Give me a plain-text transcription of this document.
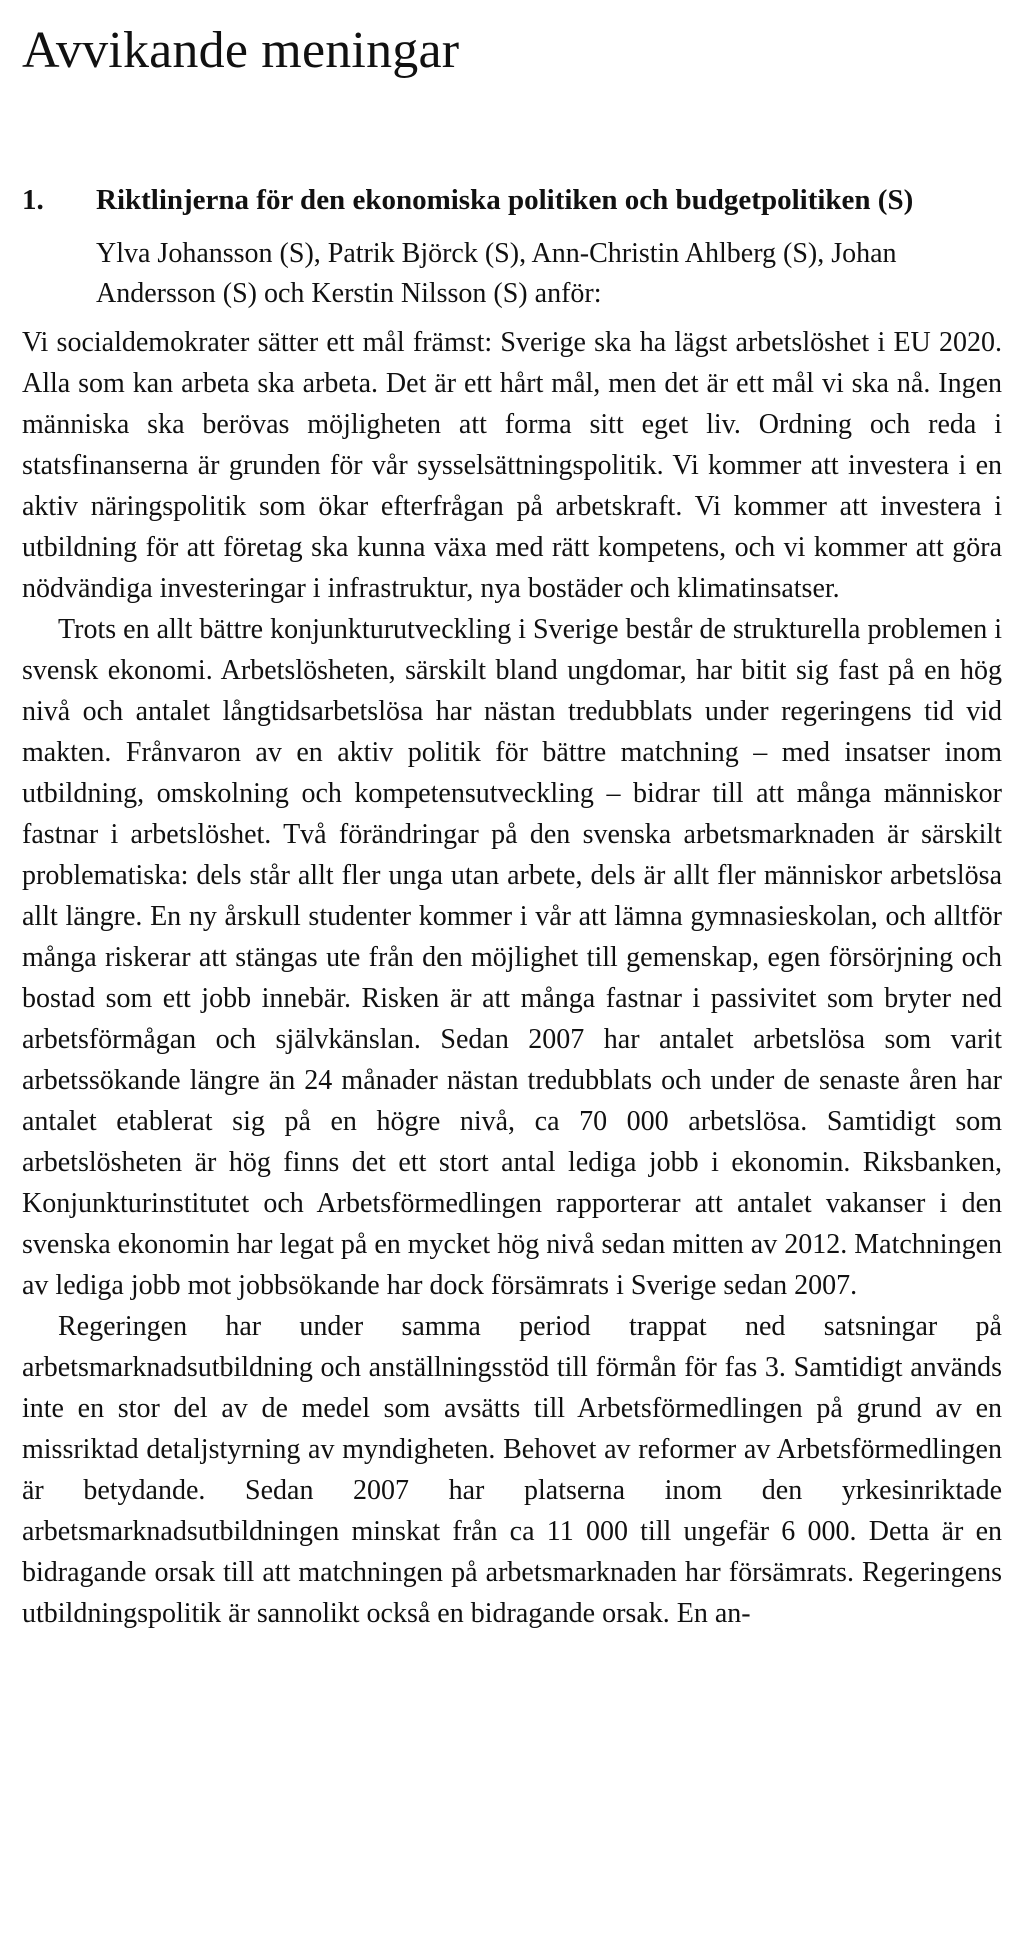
Avvikande meningar
1.	Riktlinjerna för den ekonomiska politiken och budgetpolitiken (S)
Ylva Johansson (S), Patrik Björck (S), Ann-Christin Ahlberg (S), Johan Andersson (S) och Kerstin Nilsson (S) anför:

Vi socialdemokrater sätter ett mål främst: Sverige ska ha lägst arbetslöshet i EU 2020. Alla som kan arbeta ska arbeta. Det är ett hårt mål, men det är ett mål vi ska nå. Ingen människa ska berövas möjligheten att forma sitt eget liv. Ordning och reda i statsfinanserna är grunden för vår sysselsättningspolitik. Vi kommer att investera i en aktiv näringspolitik som ökar efterfrågan på arbetskraft. Vi kommer att investera i utbildning för att företag ska kunna växa med rätt kompetens, och vi kommer att göra nödvändiga investeringar i infrastruktur, nya bostäder och klimatinsatser.

Trots en allt bättre konjunkturutveckling i Sverige består de strukturella problemen i svensk ekonomi. Arbetslösheten, särskilt bland ungdomar, har bitit sig fast på en hög nivå och antalet långtidsarbetslösa har nästan tredubblats under regeringens tid vid makten. Frånvaron av en aktiv politik för bättre matchning – med insatser inom utbildning, omskolning och kompetensutveckling – bidrar till att många människor fastnar i arbetslöshet. Två förändringar på den svenska arbetsmarknaden är särskilt problematiska: dels står allt fler unga utan arbete, dels är allt fler människor arbetslösa allt längre. En ny årskull studenter kommer i vår att lämna gymnasieskolan, och alltför många riskerar att stängas ute från den möjlighet till gemenskap, egen försörjning och bostad som ett jobb innebär. Risken är att många fastnar i passivitet som bryter ned arbetsförmågan och självkänslan. Sedan 2007 har antalet arbetslösa som varit arbetssökande längre än 24 månader nästan tredubblats och under de senaste åren har antalet etablerat sig på en högre nivå, ca 70 000 arbetslösa. Samtidigt som arbetslösheten är hög finns det ett stort antal lediga jobb i ekonomin. Riksbanken, Konjunkturinstitutet och Arbetsförmedlingen rapporterar att antalet vakanser i den svenska ekonomin har legat på en mycket hög nivå sedan mitten av 2012. Matchningen av lediga jobb mot jobbsökande har dock försämrats i Sverige sedan 2007.

Regeringen har under samma period trappat ned satsningar på arbetsmarknadsutbildning och anställningsstöd till förmån för fas 3. Samtidigt används inte en stor del av de medel som avsätts till Arbetsförmedlingen på grund av en missriktad detaljstyrning av myndigheten. Behovet av reformer av Arbetsförmedlingen är betydande. Sedan 2007 har platserna inom den yrkesinriktade arbetsmarknadsutbildningen minskat från ca 11 000 till ungefär 6 000. Detta är en bidragande orsak till att matchningen på arbetsmarknaden har försämrats. Regeringens utbildningspolitik är sannolikt också en bidragande orsak. En an-
